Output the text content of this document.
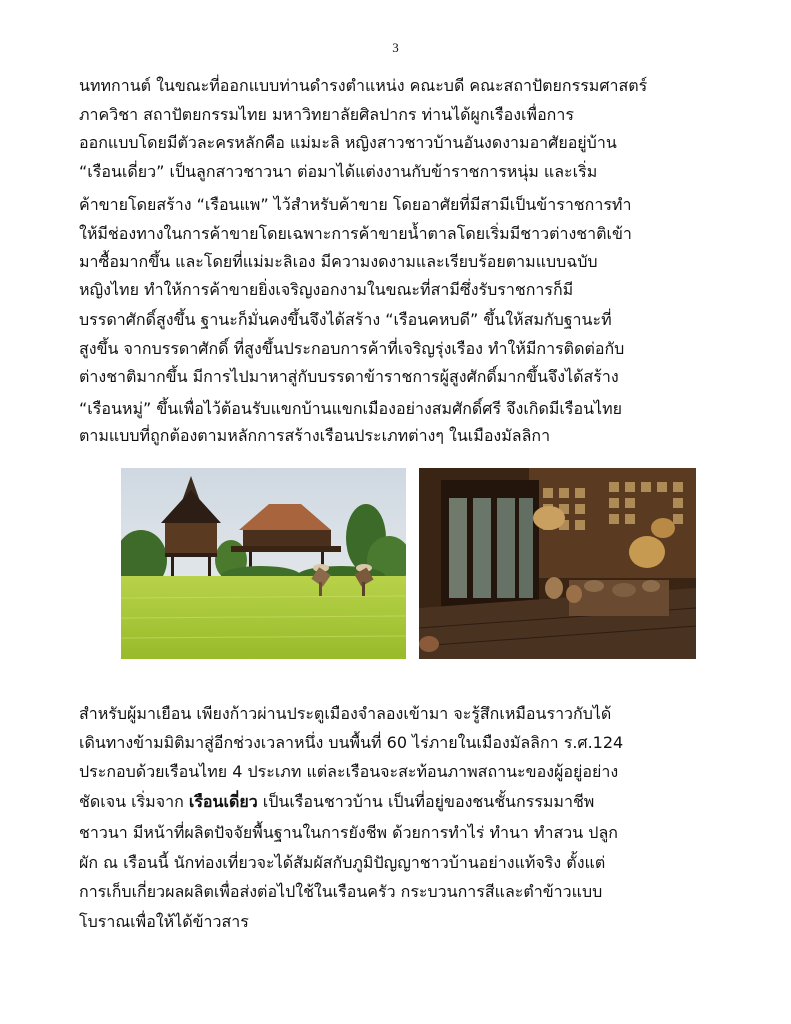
3
นททกานต์ ในขณะที่ออกแบบท่านดำรงตำแหน่ง คณะบดี คณะสถาปัตยกรรมศาสตร์
ภาควิชา สถาปัตยกรรมไทย มหาวิทยาลัยศิลปากร ท่านได้ผูกเรืองเพื่อการ
ออกแบบโดยมีตัวละครหลักคือ แม่มะลิ หญิงสาวชาวบ้านอันงดงามอาศัยอยู่บ้าน
“เรือนเดี่ยว” เป็นลูกสาวชาวนา ต่อมาได้แต่งงานกับข้าราชการหนุ่ม และเริ่ม
ค้าขายโดยสร้าง “เรือนแพ” ไว้สำหรับค้าขาย โดยอาศัยที่มีสามีเป็นข้าราชการทำ
ให้มีช่องทางในการค้าขายโดยเฉพาะการค้าขายน้ำตาลโดยเริ่มมีชาวต่างชาติเข้า
มาซื้อมากขึ้น และโดยที่แม่มะลิเอง มีความงดงามและเรียบร้อยตามแบบฉบับ
หญิงไทย ทำให้การค้าขายยิ่งเจริญงอกงามในขณะที่สามีซึ่งรับราชการก็มี
บรรดาศักดิ์สูงขึ้น ฐานะก็มั่นคงขึ้นจึงได้สร้าง “เรือนคหบดี” ขึ้นให้สมกับฐานะที่
สูงขึ้น จากบรรดาศักดิ์ ที่สูงขึ้นประกอบการค้าที่เจริญรุ่งเรือง ทำให้มีการติดต่อกับ
ต่างชาติมากขึ้น มีการไปมาหาสู่กับบรรดาข้าราชการผู้สูงศักดิ์มากขึ้นจึงได้สร้าง
“เรือนหมู่” ขึ้นเพื่อไว้ต้อนรับแขกบ้านแขกเมืองอย่างสมศักดิ์ศรี จึงเกิดมีเรือนไทย
ตามแบบที่ถูกต้องตามหลักการสร้างเรือนประเภทต่างๆ ในเมืองมัลลิกา
สำหรับผู้มาเยือน เพียงก้าวผ่านประตูเมืองจำลองเข้ามา จะรู้สึกเหมือนราวกับได้
เดินทางข้ามมิติมาสู่อีกช่วงเวลาหนึ่ง บนพื้นที่ 60 ไร่ภายในเมืองมัลลิกา ร.ศ.124
ประกอบด้วยเรือนไทย 4 ประเภท แต่ละเรือนจะสะท้อนภาพสถานะของผู้อยู่อย่าง
ชัดเจน เริ่มจาก เรือนเดี่ยว เป็นเรือนชาวบ้าน เป็นที่อยู่ของชนชั้นกรรมมาชีพ
ชาวนา มีหน้าที่ผลิตปัจจัยพื้นฐานในการยังชีพ ด้วยการทำไร่ ทำนา ทำสวน ปลูก
ผัก ณ เรือนนี้ นักท่องเที่ยวจะได้สัมผัสกับภูมิปัญญาชาวบ้านอย่างแท้จริง ตั้งแต่
การเก็บเกี่ยวผลผลิตเพื่อส่งต่อไปใช้ในเรือนครัว กระบวนการสีและตำข้าวแบบ
โบราณเพื่อให้ได้ข้าวสาร
